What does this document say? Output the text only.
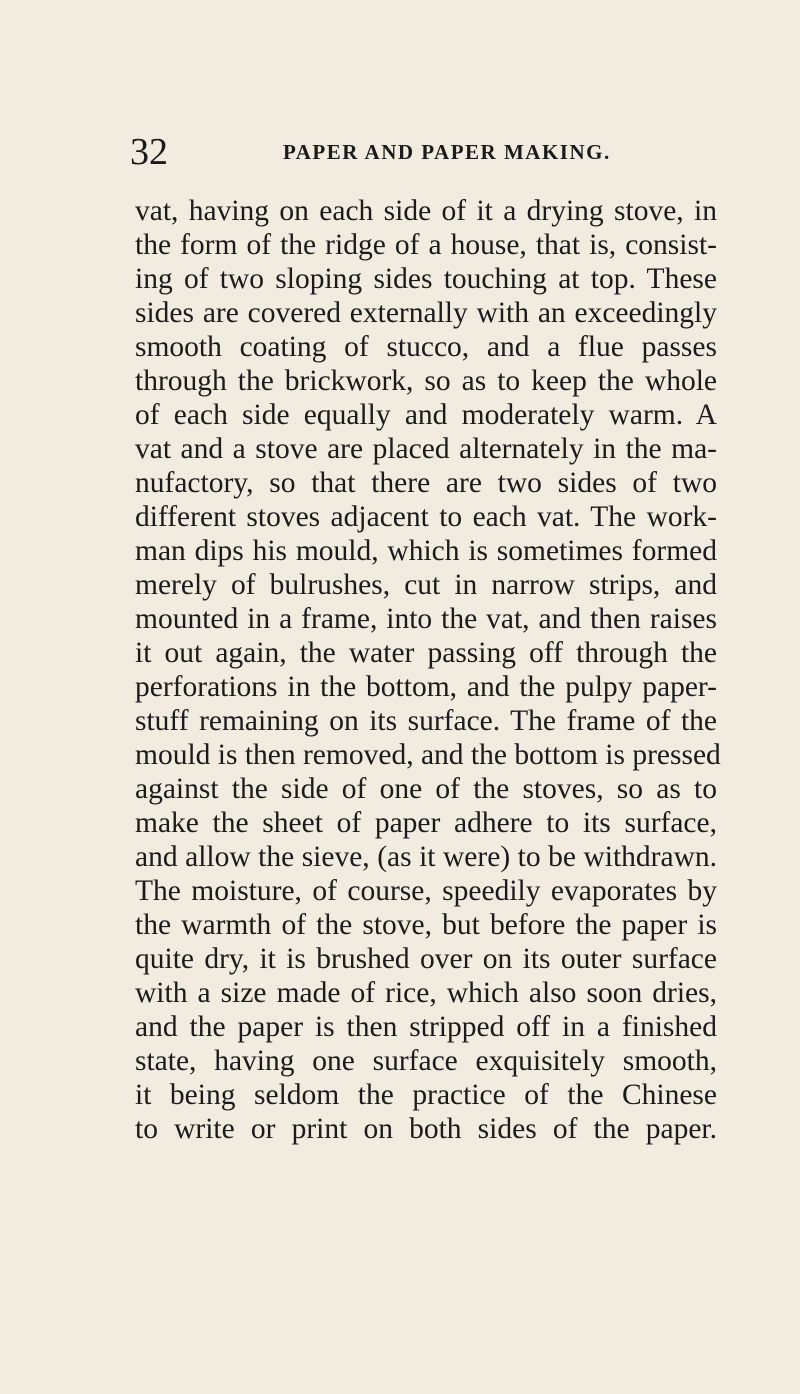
32	PAPER AND PAPER MAKING.
vat, having on each side of it a drying stove, in
the form of the ridge of a house, that is, consist-
ing of two sloping sides touching at top. These
sides are covered externally with an exceedingly
smooth coating of stucco, and a flue passes
through the brickwork, so as to keep the whole
of each side equally and moderately warm. A
vat and a stove are placed alternately in the ma-
nufactory, so that there are two sides of two
different stoves adjacent to each vat. The work-
man dips his mould, which is sometimes formed
merely of bulrushes, cut in narrow strips, and
mounted in a frame, into the vat, and then raises
it out again, the water passing off through the
perforations in the bottom, and the pulpy paper-
stuff remaining on its surface. The frame of the
mould is then removed, and the bottom is pressed
against the side of one of the stoves, so as to
make the sheet of paper adhere to its surface,
and allow the sieve, (as it were) to be withdrawn.
The moisture, of course, speedily evaporates by
the warmth of the stove, but before the paper is
quite dry, it is brushed over on its outer surface
with a size made of rice, which also soon dries,
and the paper is then stripped off in a finished
state, having one surface exquisitely smooth,
it being seldom the practice of the Chinese
to write or print on both sides of the paper.
